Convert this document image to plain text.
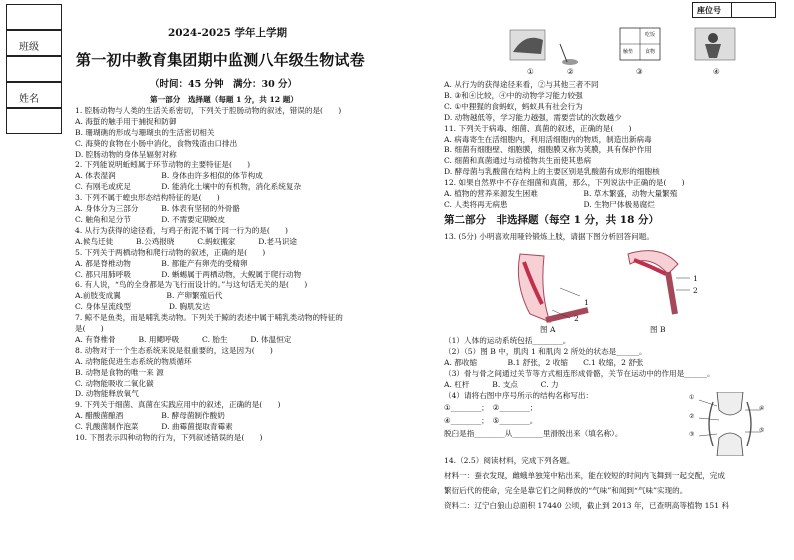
班级
姓名
座位号
2024-2025 学年上学期
第一初中教育集团期中监测八年级生物试卷
（时间：45 分钟　满分：30 分）
第一部分　选择题（每题 1 分，共 12 题）
1. 腔肠动物与人类的生活关系密切，下列关于腔肠动物的叙述，错误的是(　　)
A. 海蜇的触手用于捕捉和防御
B. 珊瑚礁的形成与珊瑚虫的生活密切相关
C. 海葵的食物在小肠中消化，食物残渣由口排出
D. 腔肠动物的身体呈辐射对称
2. 下列能说明蚯蚓属于环节动物的主要特征是(　　)
A. 体表湿润　　　　　　B. 身体由许多相似的体节构成
C. 有刚毛或疣足　　　　D. 能消化土壤中的有机物，消化系统复杂
3. 下列不属于蝗虫形态结构特征的是(　　)
A. 身体分为三部分　　　B. 体表有坚韧的外骨骼
C. 触角和足分节　　　　D. 不需要定期蜕皮
4. 从行为获得的途径看，与鸡子衔泥不属于同一行为的是(　　)
A.候鸟迁徙　　　B.公鸡报晓　　　C.蚂蚁搬家　　　D.老马识途
5. 下列关于两栖动物和爬行动物的叙述，正确的是(　　)
A. 都是脊椎动物　　　　B. 都能产有卵壳的受精卵
C. 都只用肺呼吸　　　　D. 蜥蜴属于两栖动物，大鲵属于爬行动物
6. 有人说，“鸟的全身都是为飞行而设计的。”与这句话无关的是(　　)
A.前肢变成翼　　　　　　B. 产卵繁殖后代
C. 身体呈流线型　　　　　D. 胸肌发达
7. 鲸不是鱼类，而是哺乳类动物。下列关于鲸的表述中属于哺乳类动物的特征的
是(　　)
A. 有脊椎骨　　　B. 用鳃呼吸　　　C. 胎生　　　D. 体温恒定
8. 动物对于一个生态系统来说是很重要的，这是因为(　　)
A. 动物能促进生态系统的物质循环
B. 动物是食物的唯一来 源
C. 动物能吸收二氧化碳
D. 动物能释放氧气
9. 下列关于细菌、真菌在实践应用中的叙述，正确的是(　　)
A. 醋酸菌酿酒　　　　　B. 酵母菌制作酸奶
C. 乳酸菌制作泡菜　　　D. 曲霉菌提取青霉素
10. 下图表示四种动物的行为，下列叙述错误的是(　　)
①	②	③	④
吃饭
食物
触垫
A. 从行为的获得途径来看，②与其他三者不同
B. ③和④比较，④中的动物学习能力较强
C. ①中狸猩的食蚂蚁，蚂蚁具有社会行为
D. 动物越低等，学习能力越强，需要尝试的次数越少
11. 下列关于病毒、细菌、真菌的叙述，正确的是(　　)
A. 病毒寄生在活细胞内，利用活细胞内的物质，制造出新病毒
B. 细菌有细胞壁、细胞膜，细胞膜又称为荚膜，具有保护作用
C. 细菌和真菌通过与动植物共生而使其患病
D. 酵母菌与乳酸菌在结构上的主要区别是乳酸菌有成形的细胞核
12. 如果自然界中不存在细菌和真菌，那么，下列说法中正确的是(　　)
A. 植物的营养来源发生困难　　　　　　B. 草木繁盛，动物大量繁殖
C. 人类将再无病患　　　　　　　　　　D. 生物尸体极易腐烂
第二部分　非选择题（每空 1 分，共 18 分）
13. (5分) 小明喜欢用哑铃锻炼上肢，请据下图分析回答问题。
1
2
1
2
图 A	图 B
（1）人体的运动系统包括________。
（2）（5）图 B 中，肌肉 1 和肌肉 2 所处的状态是______。
A. 都收缩　　　　B.1 舒张，2 收缩　　C.1 收缩，2 舒张
（3）骨与骨之间通过关节等方式相连形成骨骼，关节在运动中的作用是______。
A. 杠杆　　　B. 支点　　　C. 力
（4）请将右图中序号所示的结构名称写出：
①________；　②________；
④________；　⑤________。
脱臼是指________从________里滑脱出来（填名称）。
①
②
③
④
⑤
14.（2.5）阅读材料，完成下列各题。
材料一：蚕衣发现，雌蛾单独笼中粘出来，能在较短的时间内飞舞到一起交配，完成
繁衍后代的使命，完全是靠它们之间释放的“气味”和闻到“气味”实现的。
资料二：辽宁白狼山总面积 17440 公顷，截止到 2013 年，已查明高等植物 151 科
